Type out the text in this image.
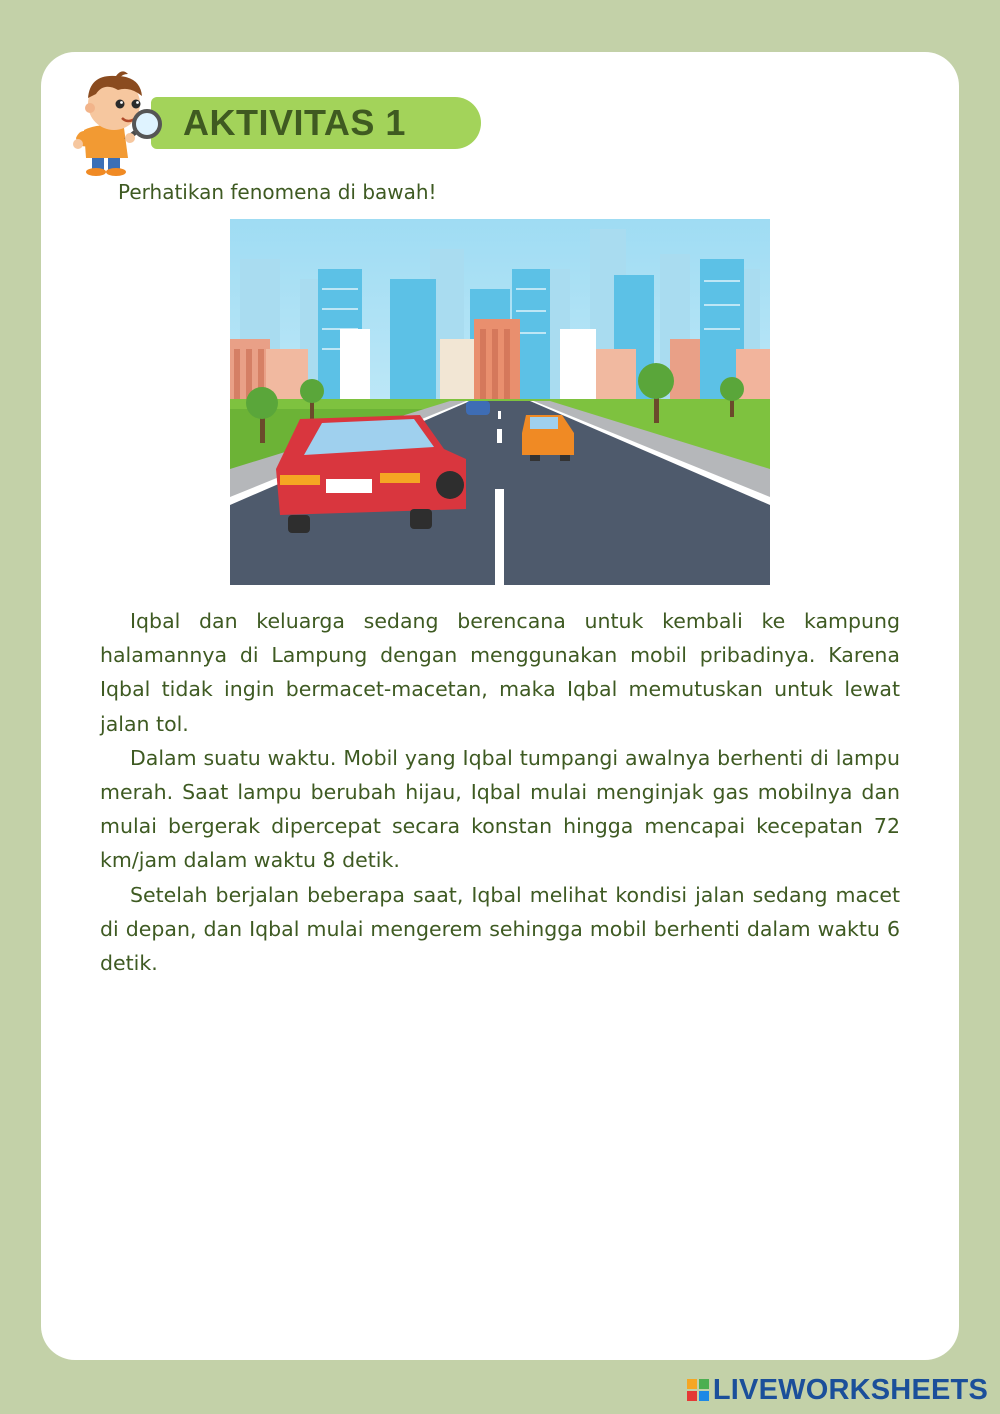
AKTIVITAS 1
Perhatikan fenomena di bawah!

Iqbal dan keluarga sedang berencana untuk kembali ke kampung halamannya di Lampung dengan menggunakan mobil pribadinya. Karena Iqbal tidak ingin bermacet-macetan, maka Iqbal memutuskan untuk lewat jalan tol.

Dalam suatu waktu. Mobil yang Iqbal tumpangi awalnya berhenti di lampu merah. Saat lampu berubah hijau, Iqbal mulai menginjak gas mobilnya dan mulai bergerak dipercepat secara konstan hingga mencapai kecepatan 72 km/jam dalam waktu 8 detik.

Setelah berjalan beberapa saat, Iqbal melihat kondisi jalan sedang macet di depan, dan Iqbal mulai mengerem sehingga mobil berhenti dalam waktu 6 detik.

LIVEWORKSHEETS
